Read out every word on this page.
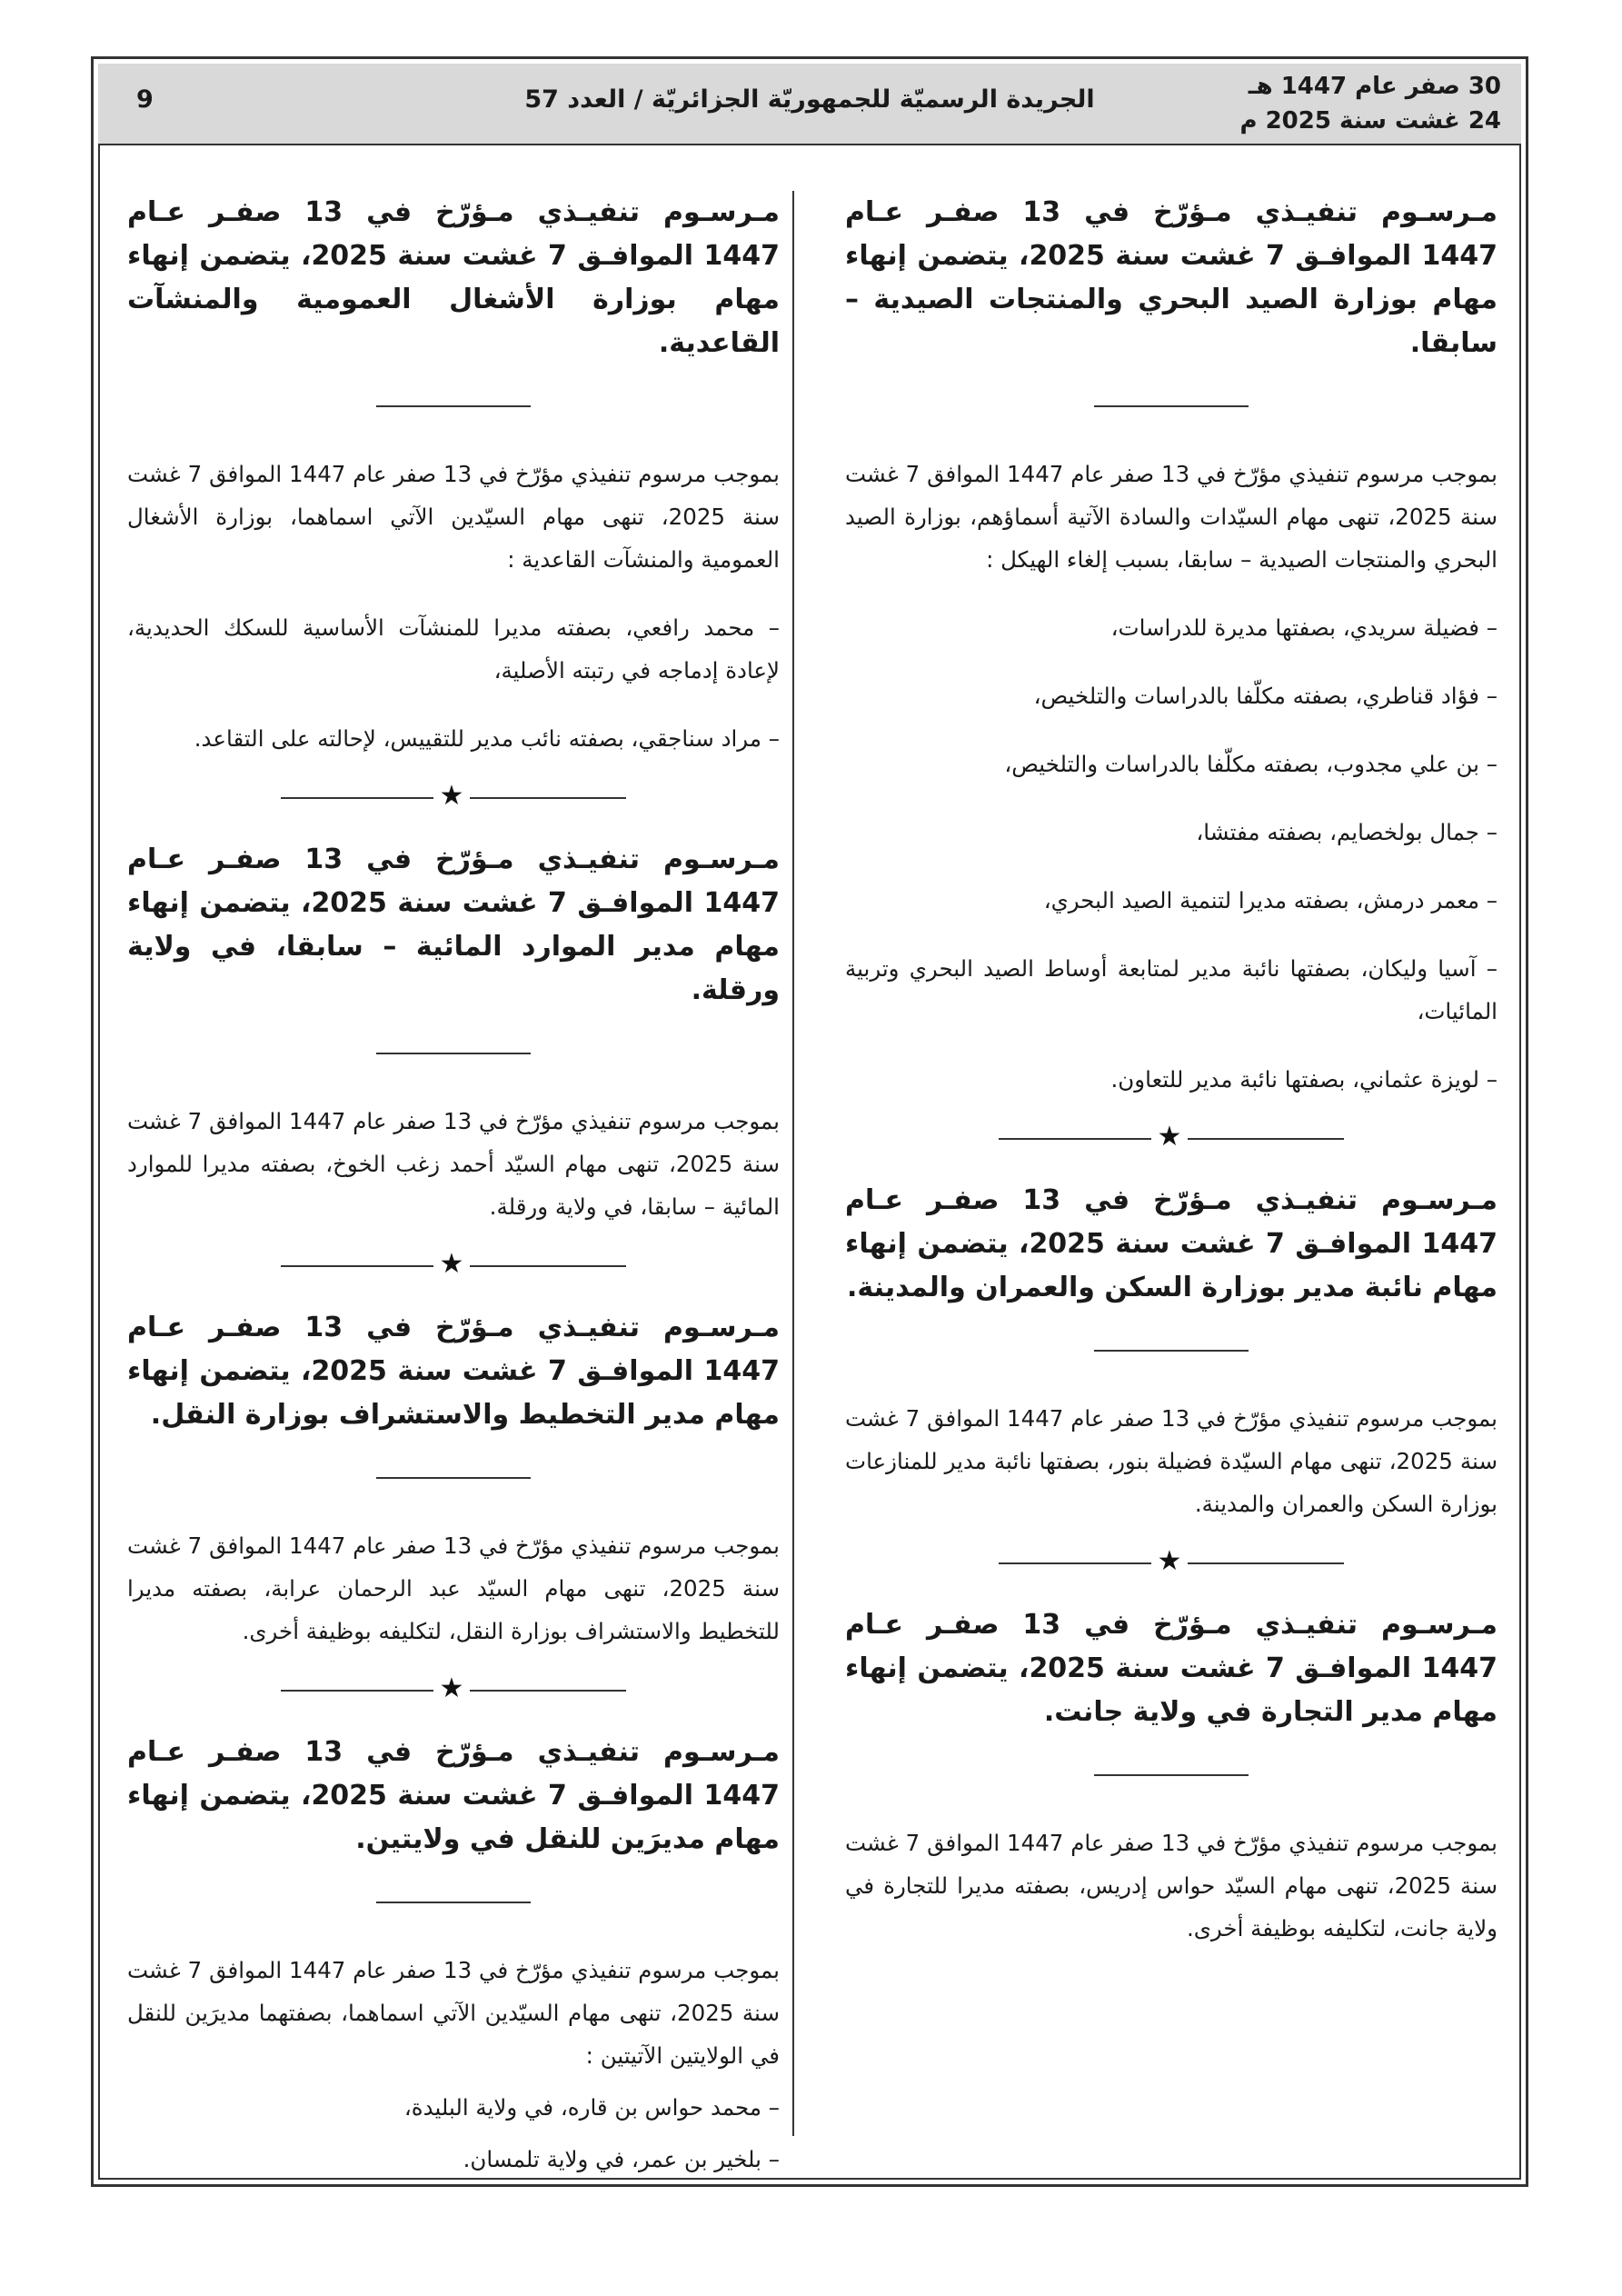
30 صفر عام 1447 هـ
24 غشت سنة 2025 م
الجريدة الرسميّة للجمهوريّة الجزائريّة / العدد 57
9

مـرسـوم تنفيـذي مـؤرّخ في 13 صفـر عـام 1447 الموافـق 7 غشت سنة 2025، يتضمن إنهاء مهام بوزارة الصيد البحري والمنتجات الصيدية – سابقا.

بموجب مرسوم تنفيذي مؤرّخ في 13 صفر عام 1447 الموافق 7 غشت سنة 2025، تنهى مهام السيّدات والسادة الآتية أسماؤهم، بوزارة الصيد البحري والمنتجات الصيدية – سابقا، بسبب إلغاء الهيكل :

– فضيلة سريدي، بصفتها مديرة للدراسات،

– فؤاد قناطري، بصفته مكلّفا بالدراسات والتلخيص،

– بن علي مجدوب، بصفته مكلّفا بالدراسات والتلخيص،

– جمال بولخصايم، بصفته مفتشا،

– معمر درمش، بصفته مديرا لتنمية الصيد البحري،

– آسيا وليكان، بصفتها نائبة مدير لمتابعة أوساط الصيد البحري وتربية المائيات،

– لويزة عثماني، بصفتها نائبة مدير للتعاون.

★

مـرسـوم تنفيـذي مـؤرّخ في 13 صفـر عـام 1447 الموافـق 7 غشت سنة 2025، يتضمن إنهاء مهام نائبة مدير بوزارة السكن والعمران والمدينة.

بموجب مرسوم تنفيذي مؤرّخ في 13 صفر عام 1447 الموافق 7 غشت سنة 2025، تنهى مهام السيّدة فضيلة بنور، بصفتها نائبة مدير للمنازعات بوزارة السكن والعمران والمدينة.

★

مـرسـوم تنفيـذي مـؤرّخ في 13 صفـر عـام 1447 الموافـق 7 غشت سنة 2025، يتضمن إنهاء مهام مدير التجارة في ولاية جانت.

بموجب مرسوم تنفيذي مؤرّخ في 13 صفر عام 1447 الموافق 7 غشت سنة 2025، تنهى مهام السيّد حواس إدريس، بصفته مديرا للتجارة في ولاية جانت، لتكليفه بوظيفة أخرى.

مـرسـوم تنفيـذي مـؤرّخ في 13 صفـر عـام 1447 الموافـق 7 غشت سنة 2025، يتضمن إنهاء مهام بوزارة الأشغال العمومية والمنشآت القاعدية.

بموجب مرسوم تنفيذي مؤرّخ في 13 صفر عام 1447 الموافق 7 غشت سنة 2025، تنهى مهام السيّدين الآتي اسماهما، بوزارة الأشغال العمومية والمنشآت القاعدية :

– محمد رافعي، بصفته مديرا للمنشآت الأساسية للسكك الحديدية، لإعادة إدماجه في رتبته الأصلية،

– مراد سناجقي، بصفته نائب مدير للتقييس، لإحالته على التقاعد.

★

مـرسـوم تنفيـذي مـؤرّخ في 13 صفـر عـام 1447 الموافـق 7 غشت سنة 2025، يتضمن إنهاء مهام مدير الموارد المائية – سابقا، في ولاية ورقلة.

بموجب مرسوم تنفيذي مؤرّخ في 13 صفر عام 1447 الموافق 7 غشت سنة 2025، تنهى مهام السيّد أحمد زغب الخوخ، بصفته مديرا للموارد المائية – سابقا، في ولاية ورقلة.

★

مـرسـوم تنفيـذي مـؤرّخ في 13 صفـر عـام 1447 الموافـق 7 غشت سنة 2025، يتضمن إنهاء مهام مدير التخطيط والاستشراف بوزارة النقل.

بموجب مرسوم تنفيذي مؤرّخ في 13 صفر عام 1447 الموافق 7 غشت سنة 2025، تنهى مهام السيّد عبد الرحمان عرابة، بصفته مديرا للتخطيط والاستشراف بوزارة النقل، لتكليفه بوظيفة أخرى.

★

مـرسـوم تنفيـذي مـؤرّخ في 13 صفـر عـام 1447 الموافـق 7 غشت سنة 2025، يتضمن إنهاء مهام مديرَين للنقل في ولايتين.

بموجب مرسوم تنفيذي مؤرّخ في 13 صفر عام 1447 الموافق 7 غشت سنة 2025، تنهى مهام السيّدين الآتي اسماهما، بصفتهما مديرَين للنقل في الولايتين الآتيتين :

– محمد حواس بن قاره، في ولاية البليدة،

– بلخير بن عمر، في ولاية تلمسان.
